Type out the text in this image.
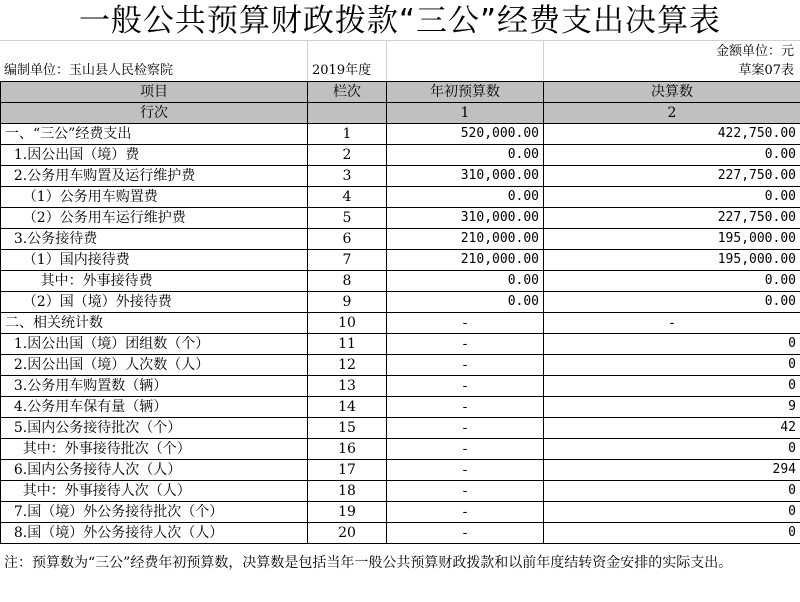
一般公共预算财政拨款“三公”经费支出决算表
金额单位：元
编制单位：玉山县人民检察院	2019年度	草案07表
项目	栏次	年初预算数	决算数
行次		1	2
一、“三公”经费支出	1	520,000.00	422,750.00
1.因公出国（境）费	2	0.00	0.00
2.公务用车购置及运行维护费	3	310,000.00	227,750.00
（1）公务用车购置费	4	0.00	0.00
（2）公务用车运行维护费	5	310,000.00	227,750.00
3.公务接待费	6	210,000.00	195,000.00
（1）国内接待费	7	210,000.00	195,000.00
其中：外事接待费	8	0.00	0.00
（2）国（境）外接待费	9	0.00	0.00
二、相关统计数	10	-	-
1.因公出国（境）团组数（个）	11	-	0
2.因公出国（境）人次数（人）	12	-	0
3.公务用车购置数（辆）	13	-	0
4.公务用车保有量（辆）	14	-	9
5.国内公务接待批次（个）	15	-	42
其中：外事接待批次（个）	16	-	0
6.国内公务接待人次（人）	17	-	294
其中：外事接待人次（人）	18	-	0
7.国（境）外公务接待批次（个）	19	-	0
8.国（境）外公务接待人次（人）	20	-	0
注：预算数为“三公”经费年初预算数，决算数是包括当年一般公共预算财政拨款和以前年度结转资金安排的实际支出。
